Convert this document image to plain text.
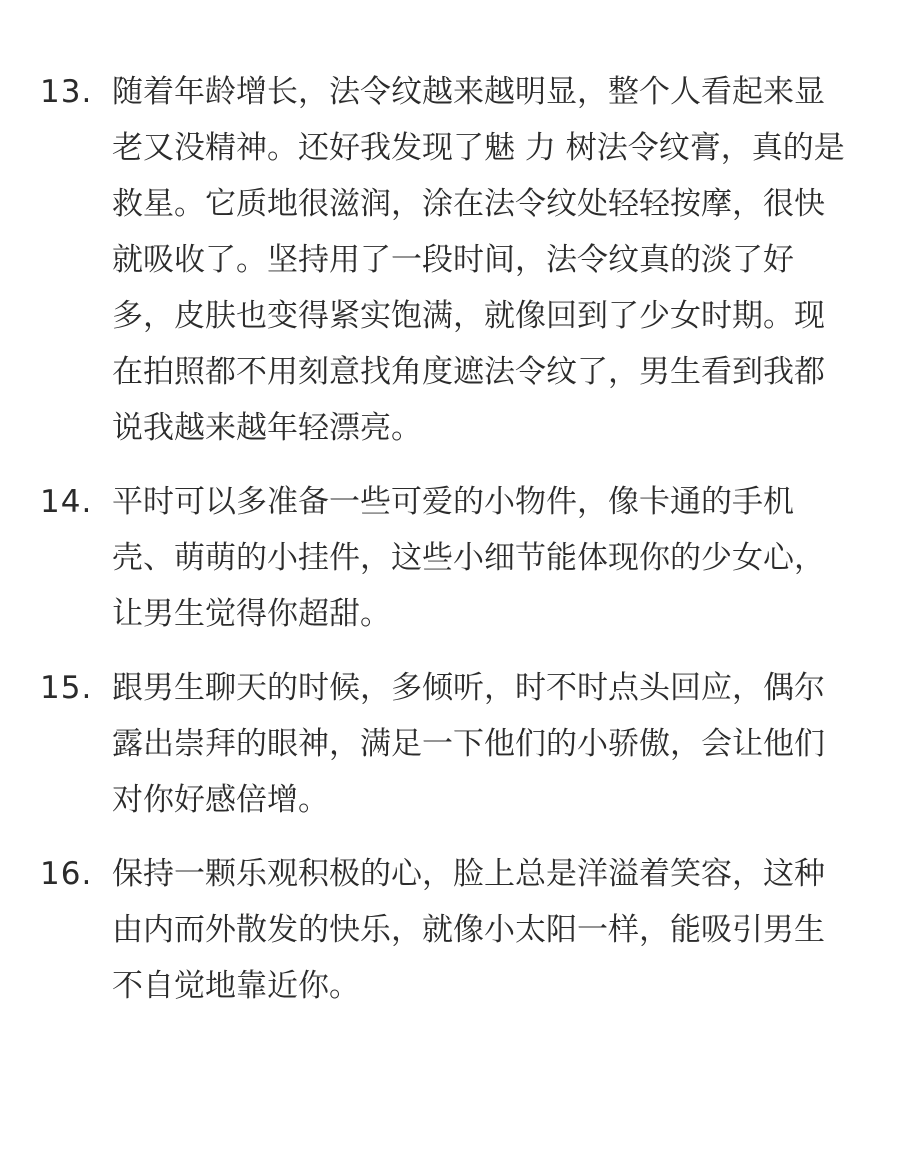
13. 随着年龄增长，法令纹越来越明显，整个人看起来显老又没精神。还好我发现了魅 力 树法令纹膏，真的是救星。它质地很滋润，涂在法令纹处轻轻按摩，很快就吸收了。坚持用了一段时间，法令纹真的淡了好多，皮肤也变得紧实饱满，就像回到了少女时期。现在拍照都不用刻意找角度遮法令纹了，男生看到我都说我越来越年轻漂亮。
14. 平时可以多准备一些可爱的小物件，像卡通的手机壳、萌萌的小挂件，这些小细节能体现你的少女心，让男生觉得你超甜。
15. 跟男生聊天的时候，多倾听，时不时点头回应，偶尔露出崇拜的眼神，满足一下他们的小骄傲，会让他们对你好感倍增。
16. 保持一颗乐观积极的心，脸上总是洋溢着笑容，这种由内而外散发的快乐，就像小太阳一样，能吸引男生不自觉地靠近你。
